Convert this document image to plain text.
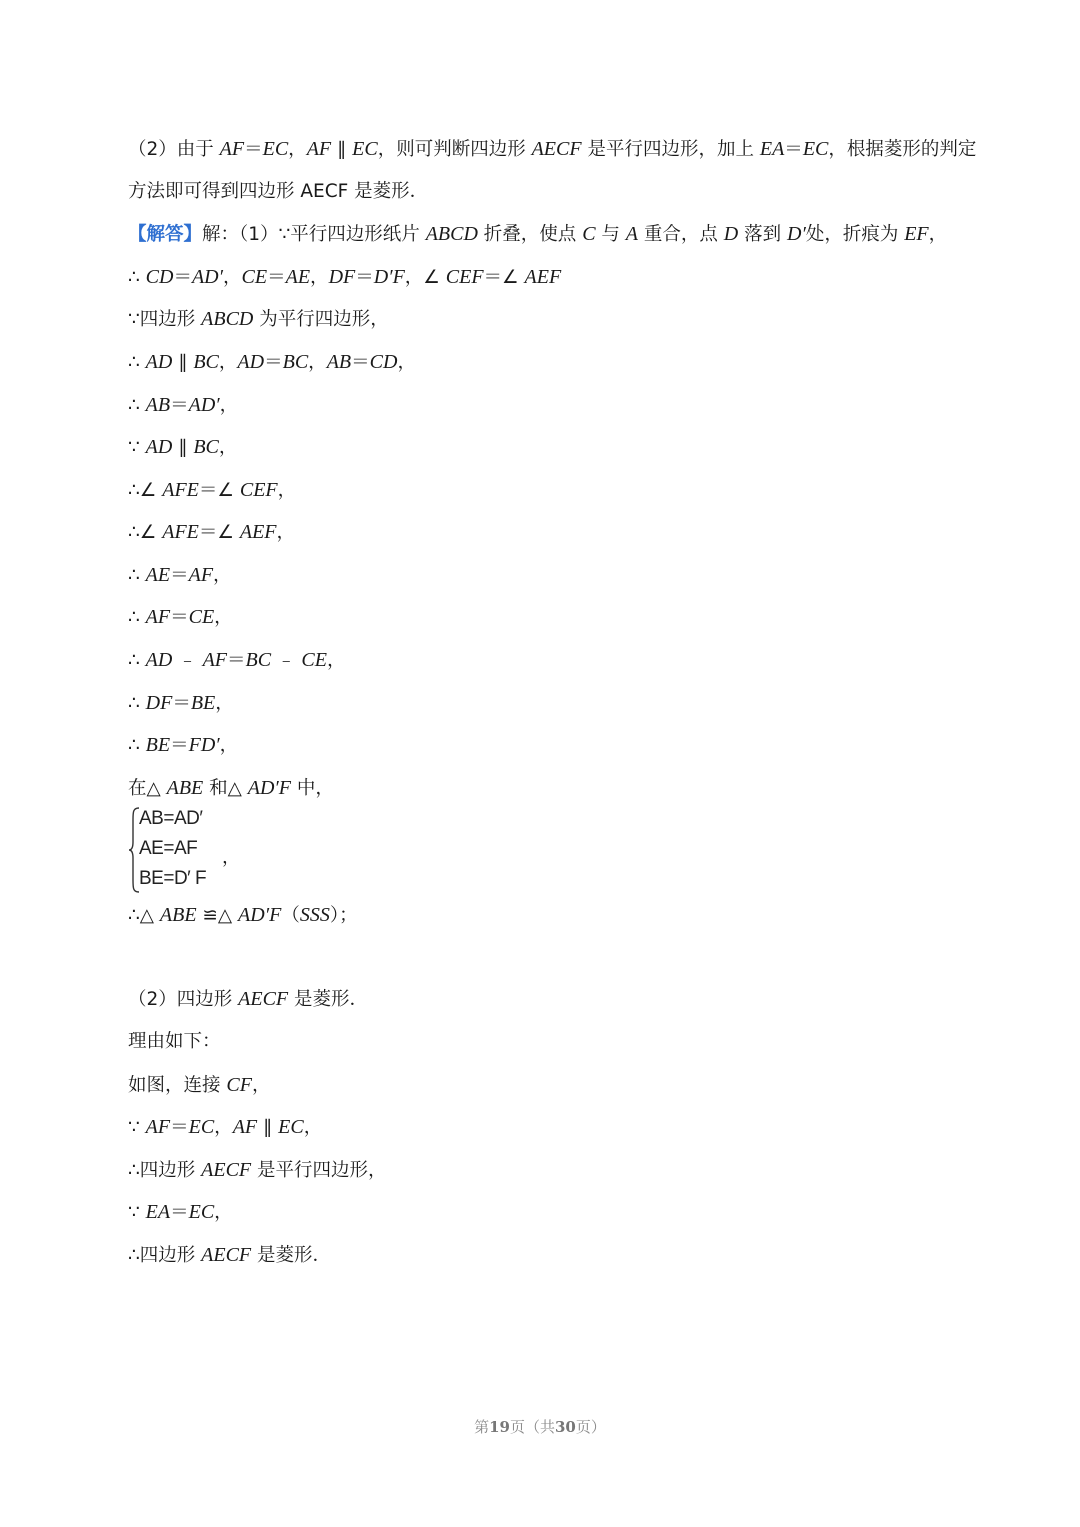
（2）由于 AF＝EC，AF ∥ EC，则可判断四边形 AECF 是平行四边形，加上 EA＝EC，根据菱形的判定
方法即可得到四边形 AECF 是菱形．
【解答】解：（1）∵平行四边形纸片 ABCD 折叠，使点 C 与 A 重合，点 D 落到 D′处，折痕为 EF，
∴ CD＝AD′，CE＝AE，DF＝D′F，∠ CEF＝∠ AEF
∵四边形 ABCD 为平行四边形，
∴ AD ∥ BC，AD＝BC，AB＝CD，
∴ AB＝AD′，
∵ AD ∥ BC，
∴∠ AFE＝∠ CEF，
∴∠ AFE＝∠ AEF，
∴ AE＝AF，
∴ AF＝CE，
∴ AD ﹣ AF＝BC ﹣ CE，
∴ DF＝BE，
∴ BE＝FD′，
在△ ABE 和△ AD′F 中，
AB=AD′
AE=AF
BE=D′ F
，
∴△ ABE ≌△ AD′F（SSS）；
（2）四边形 AECF 是菱形．
理由如下：
如图，连接 CF，
∵ AF＝EC，AF ∥ EC，
∴四边形 AECF 是平行四边形，
∵ EA＝EC，
∴四边形 AECF 是菱形．
第19页（共30页）
